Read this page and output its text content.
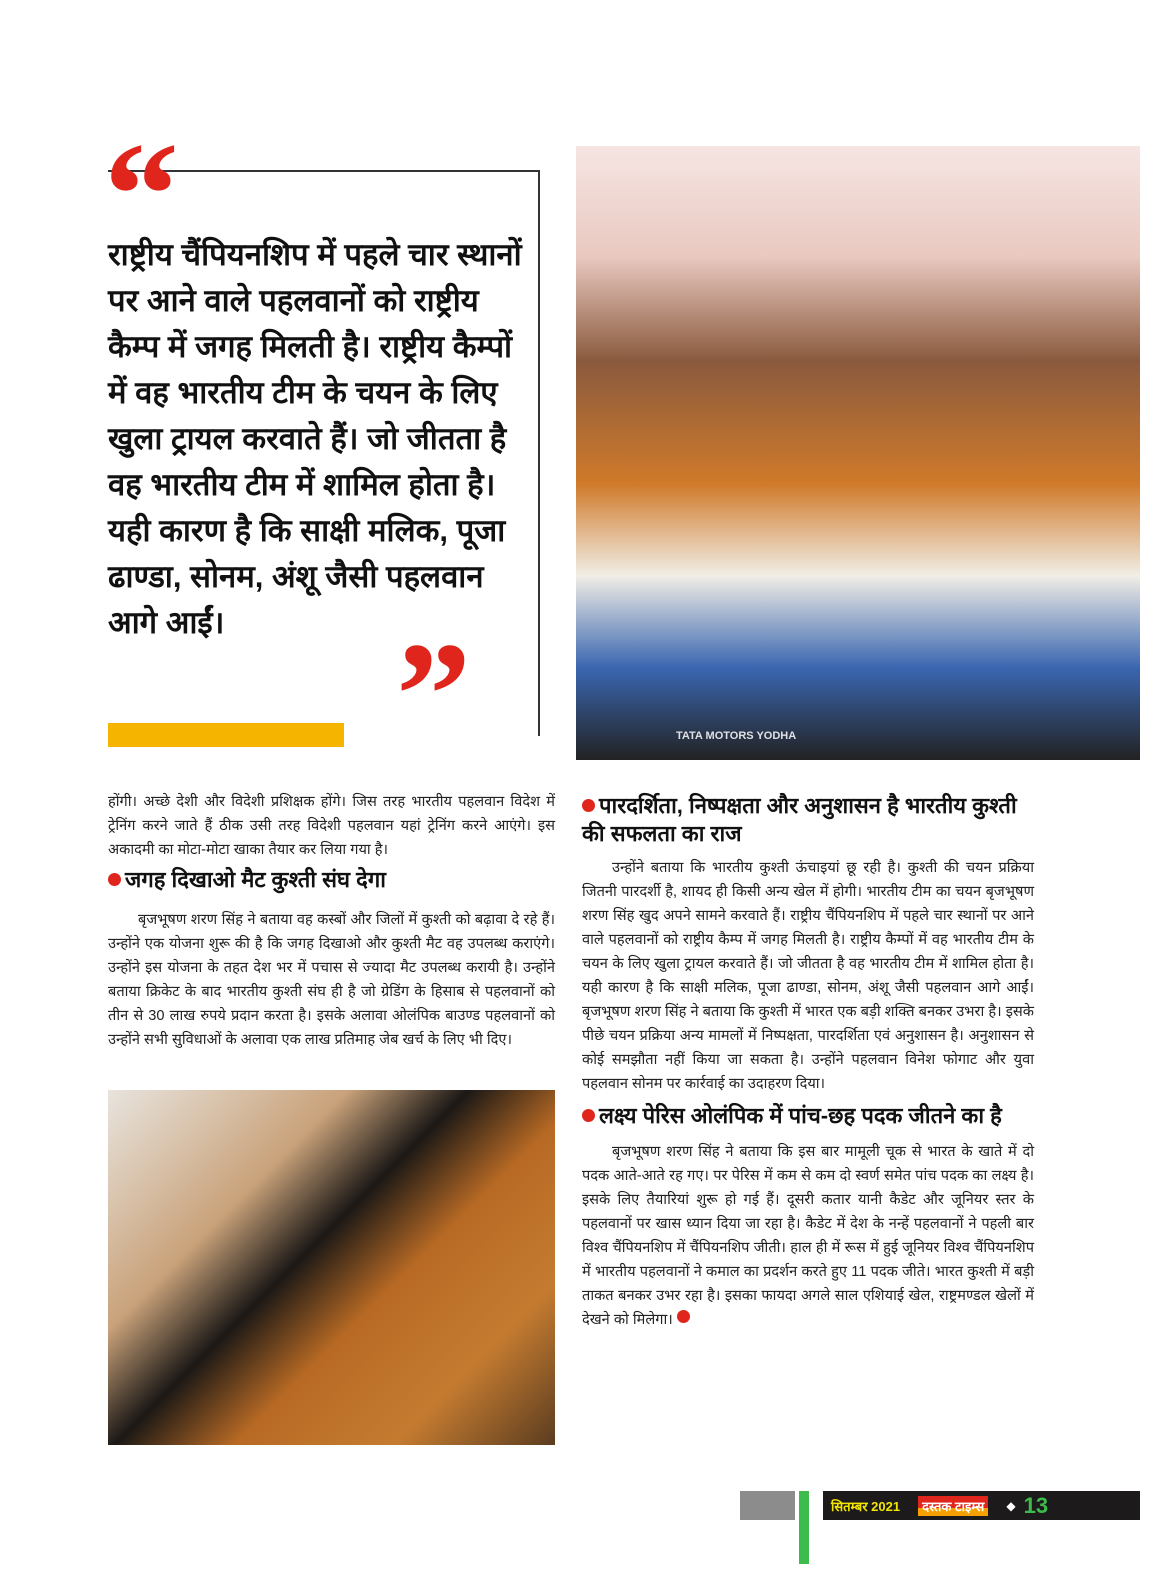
“
राष्ट्रीय चैंपियनशिप में पहले चार स्थानों पर आने वाले पहलवानों को राष्ट्रीय कैम्प में जगह मिलती है। राष्ट्रीय कैम्पों में वह भारतीय टीम के चयन के लिए खुला ट्रायल करवाते हैं। जो जीतता है वह भारतीय टीम में शामिल होता है। यही कारण है कि साक्षी मलिक, पूजा ढाण्डा, सोनम, अंशू जैसी पहलवान आगे आईं।	”	TATA MOTORS YODHA

होंगी। अच्छे देशी और विदेशी प्रशिक्षक होंगे। जिस तरह भारतीय पहलवान विदेश में ट्रेनिंग करने जाते हैं ठीक उसी तरह विदेशी पहलवान यहां ट्रेनिंग करने आएंगे। इस अकादमी का मोटा-मोटा खाका तैयार कर लिया गया है।

जगह दिखाओ मैट कुश्ती संघ देगा

बृजभूषण शरण सिंह ने बताया वह कस्बों और जिलों में कुश्ती को बढ़ावा दे रहे हैं। उन्होंने एक योजना शुरू की है कि जगह दिखाओ और कुश्ती मैट वह उपलब्ध कराएंगे। उन्होंने इस योजना के तहत देश भर में पचास से ज्यादा मैट उपलब्ध करायी है। उन्होंने बताया क्रिकेट के बाद भारतीय कुश्ती संघ ही है जो ग्रेडिंग के हिसाब से पहलवानों को तीन से 30 लाख रुपये प्रदान करता है। इसके अलावा ओलंपिक बाउण्ड पहलवानों को उन्होंने सभी सुविधाओं के अलावा एक लाख प्रतिमाह जेब खर्च के लिए भी दिए।

पारदर्शिता, निष्पक्षता और अनुशासन है भारतीय कुश्ती की सफलता का राज

उन्होंने बताया कि भारतीय कुश्ती ऊंचाइयां छू रही है। कुश्ती की चयन प्रक्रिया जितनी पारदर्शी है, शायद ही किसी अन्य खेल में होगी। भारतीय टीम का चयन बृजभूषण शरण सिंह खुद अपने सामने करवाते हैं। राष्ट्रीय चैंपियनशिप में पहले चार स्थानों पर आने वाले पहलवानों को राष्ट्रीय कैम्प में जगह मिलती है। राष्ट्रीय कैम्पों में वह भारतीय टीम के चयन के लिए खुला ट्रायल करवाते हैं। जो जीतता है वह भारतीय टीम में शामिल होता है। यही कारण है कि साक्षी मलिक, पूजा ढाण्डा, सोनम, अंशू जैसी पहलवान आगे आईं। बृजभूषण शरण सिंह ने बताया कि कुश्ती में भारत एक बड़ी शक्ति बनकर उभरा है। इसके पीछे चयन प्रक्रिया अन्य मामलों में निष्पक्षता, पारदर्शिता एवं अनुशासन है। अनुशासन से कोई समझौता नहीं किया जा सकता है। उन्होंने पहलवान विनेश फोगाट और युवा पहलवान सोनम पर कार्रवाई का उदाहरण दिया।

लक्ष्य पेरिस ओलंपिक में पांच-छह पदक जीतने का है

बृजभूषण शरण सिंह ने बताया कि इस बार मामूली चूक से भारत के खाते में दो पदक आते-आते रह गए। पर पेरिस में कम से कम दो स्वर्ण समेत पांच पदक का लक्ष्य है। इसके लिए तैयारियां शुरू हो गई हैं। दूसरी कतार यानी कैडेट और जूनियर स्तर के पहलवानों पर खास ध्यान दिया जा रहा है। कैडेट में देश के नन्हें पहलवानों ने पहली बार विश्व चैंपियनशिप में चैंपियनशिप जीती। हाल ही में रूस में हुई जूनियर विश्व चैंपियनशिप में भारतीय पहलवानों ने कमाल का प्रदर्शन करते हुए 11 पदक जीते। भारत कुश्ती में बड़ी ताकत बनकर उभर रहा है। इसका फायदा अगले साल एशियाई खेल, राष्ट्रमण्डल खेलों में देखने को मिलेगा।

सितम्बर 2021	दस्तक टाइम्स	◆ 13
